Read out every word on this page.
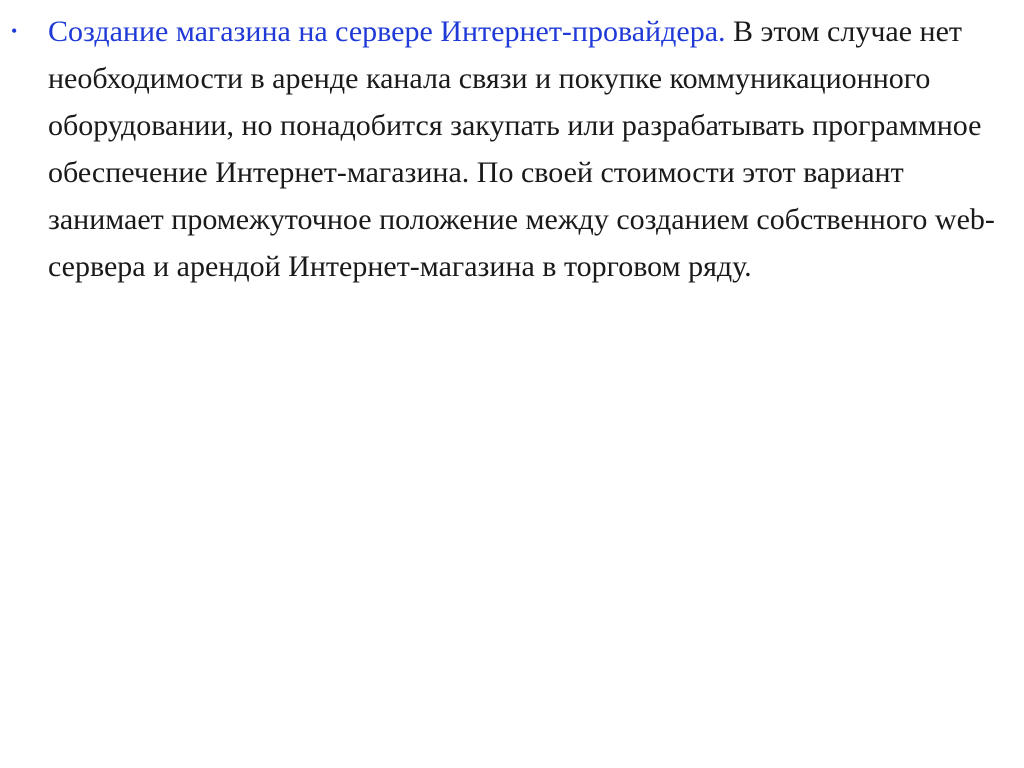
• Создание магазина на сервере Интернет-провайдера. В этом случае нет необходимости в аренде канала связи и покупке коммуникационного оборудовании, но понадобится закупать или разрабатывать программное обеспечение Интернет-магазина. По своей стоимости этот вариант занимает промежуточное положение между созданием собственного web-сервера и арендой Интернет-магазина в торговом ряду.
